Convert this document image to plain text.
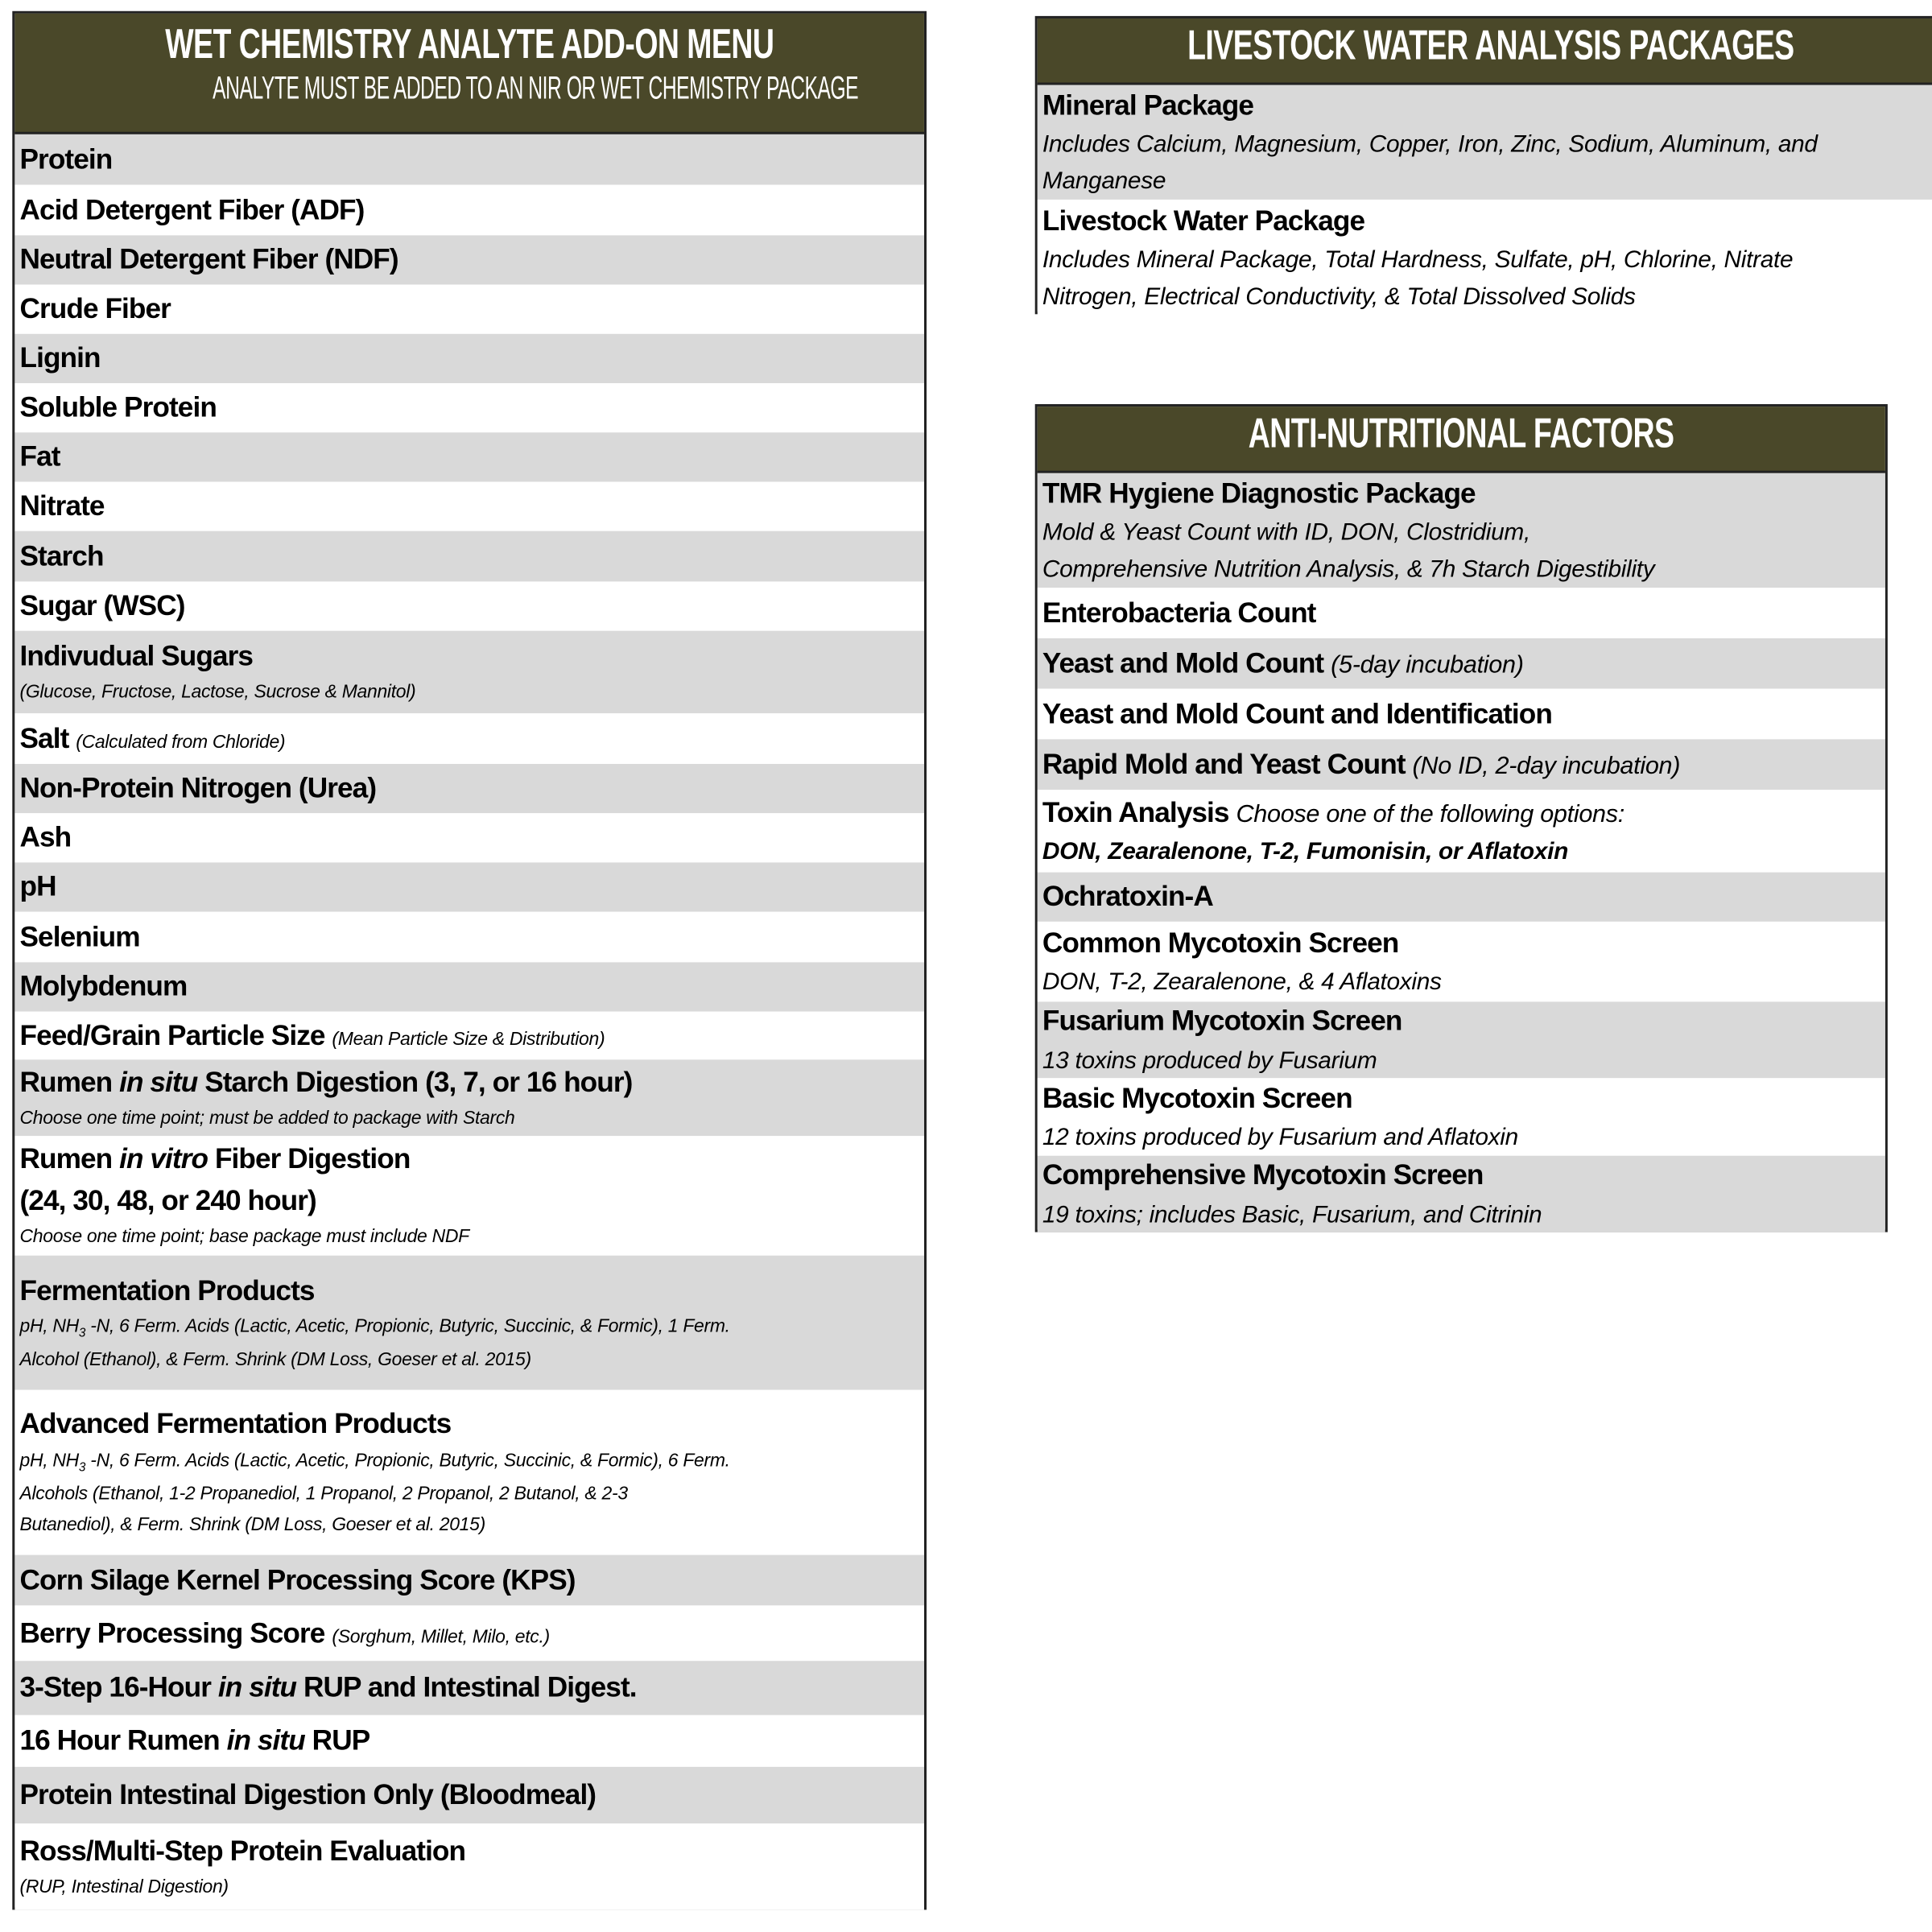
WET CHEMISTRY ANALYTE ADD-ON MENU
ANALYTE MUST BE ADDED TO AN NIR OR WET CHEMISTRY PACKAGE
Protein
Acid Detergent Fiber (ADF)
Neutral Detergent Fiber (NDF)
Crude Fiber
Lignin
Soluble Protein
Fat
Nitrate
Starch
Sugar (WSC)
Indivudual Sugars
(Glucose, Fructose, Lactose, Sucrose & Mannitol)
Salt (Calculated from Chloride)
Non-Protein Nitrogen (Urea)
Ash
pH
Selenium
Molybdenum
Feed/Grain Particle Size (Mean Particle Size & Distribution)
Rumen in situ Starch Digestion (3, 7, or 16 hour)
Choose one time point; must be added to package with Starch
Rumen in vitro Fiber Digestion
(24, 30, 48, or 240 hour)
Choose one time point; base package must include NDF
Fermentation Products
pH, $NH_3$ -N, 6 Ferm. Acids (Lactic, Acetic, Propionic, Butyric, Succinic, & Formic), 1 Ferm.
Alcohol (Ethanol), & Ferm. Shrink (DM Loss, Goeser et al. 2015)
Advanced Fermentation Products
pH, $NH_3$ -N, 6 Ferm. Acids (Lactic, Acetic, Propionic, Butyric, Succinic, & Formic), 6 Ferm.
Alcohols (Ethanol, 1-2 Propanediol, 1 Propanol, 2 Propanol, 2 Butanol, & 2-3
Butanediol), & Ferm. Shrink (DM Loss, Goeser et al. 2015)
Corn Silage Kernel Processing Score (KPS)
Berry Processing Score (Sorghum, Millet, Milo, etc.)
3-Step 16-Hour in situ RUP and Intestinal Digest.
16 Hour Rumen in situ RUP
Protein Intestinal Digestion Only (Bloodmeal)
Ross/Multi-Step Protein Evaluation
(RUP, Intestinal Digestion)
LIVESTOCK WATER ANALYSIS PACKAGES
Mineral Package
Includes Calcium, Magnesium, Copper, Iron, Zinc, Sodium, Aluminum, and
Manganese
Livestock Water Package
Includes Mineral Package, Total Hardness, Sulfate, pH, Chlorine, Nitrate
Nitrogen, Electrical Conductivity, & Total Dissolved Solids
ANTI-NUTRITIONAL FACTORS
TMR Hygiene Diagnostic Package
Mold & Yeast Count with ID, DON, Clostridium,
Comprehensive Nutrition Analysis, & 7h Starch Digestibility
Enterobacteria Count
Yeast and Mold Count (5-day incubation)
Yeast and Mold Count and Identification
Rapid Mold and Yeast Count (No ID, 2-day incubation)
Toxin Analysis Choose one of the following options:
DON, Zearalenone, T-2, Fumonisin, or Aflatoxin
Ochratoxin-A
Common Mycotoxin Screen
DON, T-2, Zearalenone, & 4 Aflatoxins
Fusarium Mycotoxin Screen
13 toxins produced by Fusarium
Basic Mycotoxin Screen
12 toxins produced by Fusarium and Aflatoxin
Comprehensive Mycotoxin Screen
19 toxins; includes Basic, Fusarium, and Citrinin
